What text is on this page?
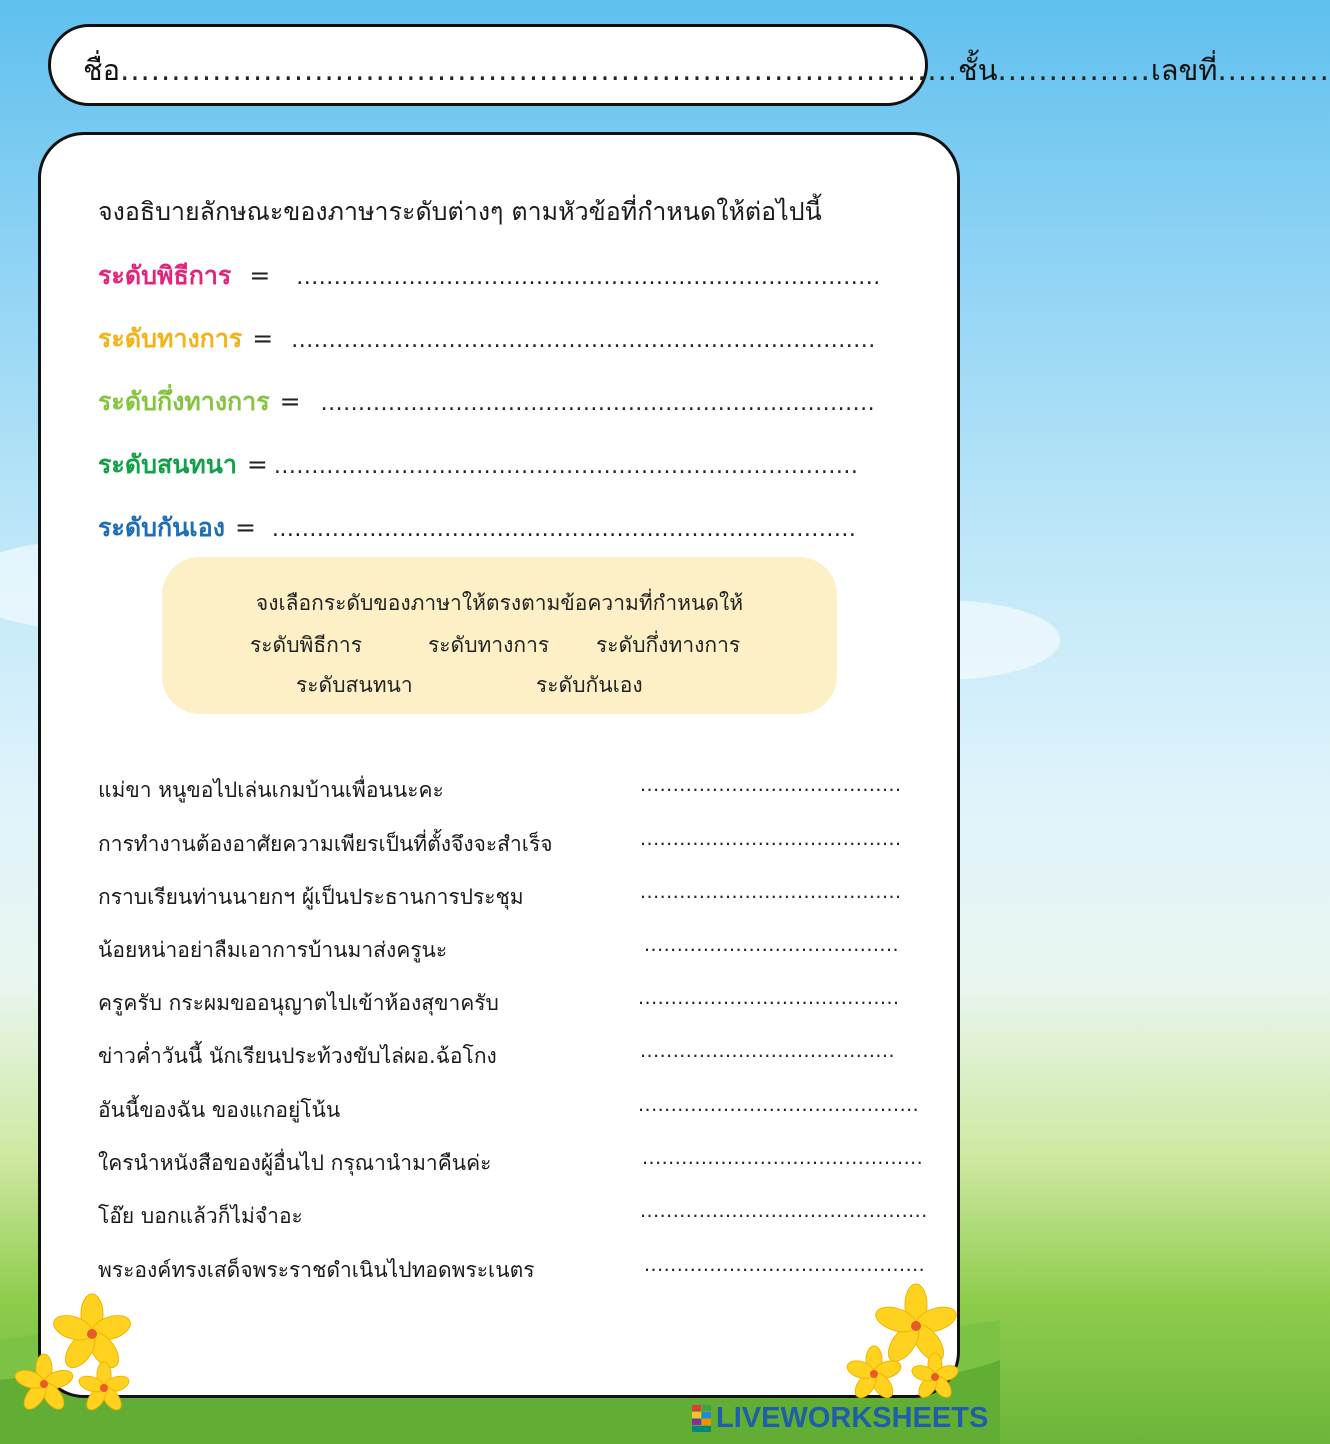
ชื่อ..................................................................................ชั้น...............เลขที่...........
จงอธิบายลักษณะของภาษาระดับต่างๆ ตามหัวข้อที่กำหนดให้ต่อไปนี้
ระดับพิธีการ = ..............................................................................
ระดับทางการ = ..............................................................................
ระดับกึ่งทางการ = ..........................................................................
ระดับสนทนา = ..............................................................................
ระดับกันเอง = ..............................................................................
จงเลือกระดับของภาษาให้ตรงตามข้อความที่กำหนดให้
ระดับพิธีการ	ระดับทางการ ระดับกึ่งทางการ
ระดับสนทนา	ระดับกันเอง
แม่ขา หนูขอไปเล่นเกมบ้านเพื่อนนะคะ	........................................
การทำงานต้องอาศัยความเพียรเป็นที่ตั้งจึงจะสำเร็จ	........................................
กราบเรียนท่านนายกฯ ผู้เป็นประธานการประชุม	........................................
น้อยหน่าอย่าลืมเอาการบ้านมาส่งครูนะ	.......................................
ครูครับ กระผมขออนุญาตไปเข้าห้องสุขาครับ	........................................
ข่าวค่ำวันนี้ นักเรียนประท้วงขับไล่ผอ.ฉ้อโกง	.......................................
อันนี้ของฉัน ของแกอยู่โน้น	...........................................
ใครนำหนังสือของผู้อื่นไป กรุณานำมาคืนค่ะ	...........................................
โอ๊ย บอกแล้วก็ไม่จำอะ	............................................
พระองค์ทรงเสด็จพระราชดำเนินไปทอดพระเนตร	...........................................
LIVEWORKSHEETS
